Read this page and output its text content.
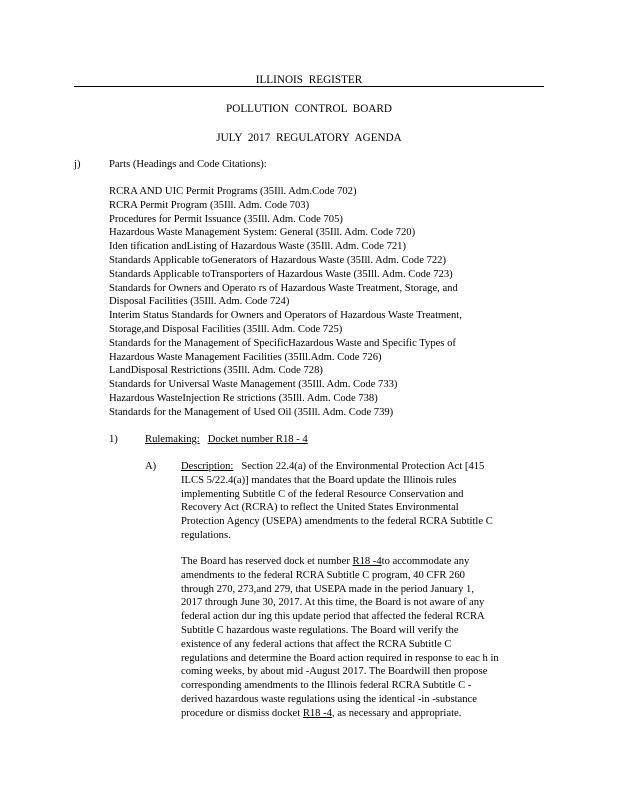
ILLINOIS REGISTER
POLLUTION CONTROL BOARD
JULY 2017 REGULATORY AGENDA
j)	Parts (Headings and Code Citations):
RCRA AND UIC Permit Programs (35Ill. Adm.Code 702)
RCRA Permit Program (35Ill. Adm. Code 703)
Procedures for Permit Issuance (35Ill. Adm. Code 705)
Hazardous Waste Management System: General (35Ill. Adm. Code 720)
Iden tification andListing of Hazardous Waste (35Ill. Adm. Code 721)
Standards Applicable toGenerators of Hazardous Waste (35Ill. Adm. Code 722)
Standards Applicable toTransporters of Hazardous Waste (35Ill. Adm. Code 723)
Standards for Owners and Operato rs of Hazardous Waste Treatment, Storage, and
Disposal Facilities (35Ill. Adm. Code 724)
Interim Status Standards for Owners and Operators of Hazardous Waste Treatment,
Storage,and Disposal Facilities (35Ill. Adm. Code 725)
Standards for the Management of SpecificHazardous Waste and Specific Types of
Hazardous Waste Management Facilities (35Ill.Adm. Code 726)
LandDisposal Restrictions (35Ill. Adm. Code 728)
Standards for Universal Waste Management (35Ill. Adm. Code 733)
Hazardous WasteInjection Re strictions (35Ill. Adm. Code 738)
Standards for the Management of Used Oil (35Ill. Adm. Code 739)
1)	Rulemaking: Docket number R18 - 4
A) Description: Section 22.4(a) of the Environmental Protection Act [415
ILCS 5/22.4(a)] mandates that the Board update the Illinois rules
implementing Subtitle C of the federal Resource Conservation and
Recovery Act (RCRA) to reflect the United States Environmental
Protection Agency (USEPA) amendments to the federal RCRA Subtitle C
regulations.
The Board has reserved dock et number R18 -4to accommodate any
amendments to the federal RCRA Subtitle C program, 40 CFR 260
through 270, 273,and 279, that USEPA made in the period January 1,
2017 through June 30, 2017. At this time, the Board is not aware of any
federal action dur ing this update period that affected the federal RCRA
Subtitle C hazardous waste regulations. The Board will verify the
existence of any federal actions that affect the RCRA Subtitle C
regulations and determine the Board action required in response to eac h in
coming weeks, by about mid -August 2017. The Boardwill then propose
corresponding amendments to the Illinois federal RCRA Subtitle C -
derived hazardous waste regulations using the identical -in -substance
procedure or dismiss docket R18 -4, as necessary and appropriate.
